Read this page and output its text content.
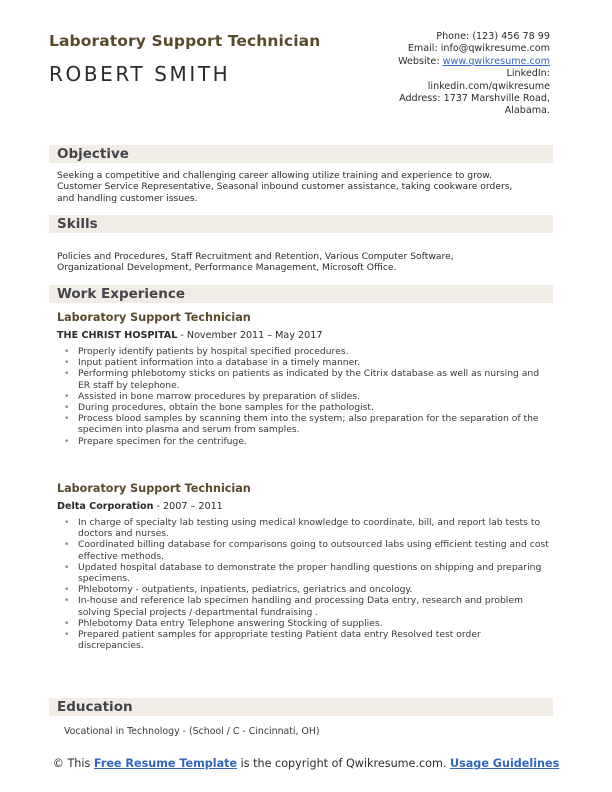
Laboratory Support Technician
ROBERT SMITH
Phone: (123) 456 78 99
Email: info@qwikresume.com
Website: www.qwikresume.com
LinkedIn:
linkedin.com/qwikresume
Address: 1737 Marshville Road,
Alabama.
Objective

Seeking a competitive and challenging career allowing utilize training and experience to grow.
Customer Service Representative, Seasonal inbound customer assistance, taking cookware orders,
and handling customer issues.

Skills

Policies and Procedures, Staff Recruitment and Retention, Various Computer Software,
Organizational Development, Performance Management, Microsoft Office.

Work Experience
Laboratory Support Technician
THE CHRIST HOSPITAL - November 2011 – May 2017
• Properly identify patients by hospital specified procedures.
• Input patient information into a database in a timely manner.
• Performing phlebotomy sticks on patients as indicated by the Citrix database as well as nursing and ER staff by telephone.
• Assisted in bone marrow procedures by preparation of slides.
• During procedures, obtain the bone samples for the pathologist.
• Process blood samples by scanning them into the system; also preparation for the separation of the specimen into plasma and serum from samples.
• Prepare specimen for the centrifuge.
Laboratory Support Technician
Delta Corporation - 2007 – 2011
• In charge of specialty lab testing using medical knowledge to coordinate, bill, and report lab tests to doctors and nurses.
• Coordinated billing database for comparisons going to outsourced labs using efficient testing and cost effective methods.
• Updated hospital database to demonstrate the proper handling questions on shipping and preparing specimens.
• Phlebotomy - outpatients, inpatients, pediatrics, geriatrics and oncology.
• In-house and reference lab specimen handling and processing Data entry, research and problem solving Special projects / departmental fundraising .
• Phlebotomy Data entry Telephone answering Stocking of supplies.
• Prepared patient samples for appropriate testing Patient data entry Resolved test order discrepancies.
Education
Vocational in Technology - (School / C - Cincinnati, OH)
© This Free Resume Template is the copyright of Qwikresume.com. Usage Guidelines
